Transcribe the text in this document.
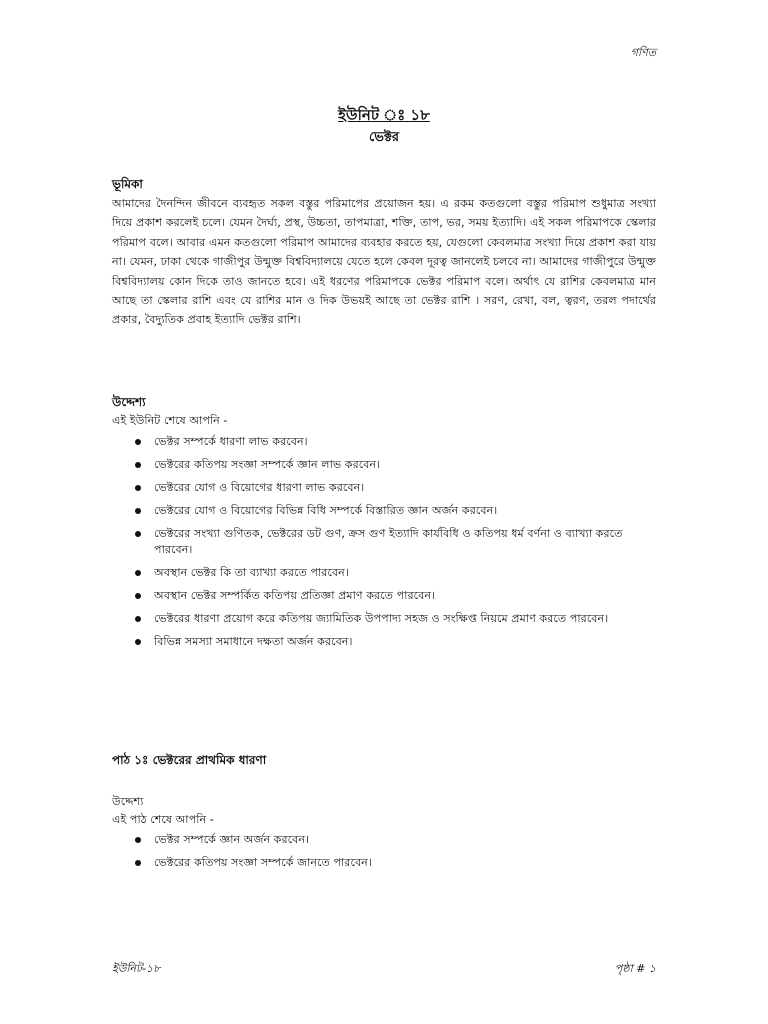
গণিত
ইউনিট ঃ ১৮
ভেক্টর
ভূমিকা
আমাদের দৈনন্দিন জীবনে ব্যবহৃত সকল বস্তুর পরিমাপের প্রয়োজন হয়। এ রকম কতগুলো বস্তুর পরিমাপ শুধুমাত্র সংখ্যা দিয়ে প্রকাশ করলেই চলে। যেমন দৈর্ঘ্য, প্রস্থ, উচ্চতা, তাপমাত্রা, শক্তি, তাপ, ভর, সময় ইত্যাদি। এই সকল পরিমাপকে স্কেলার পরিমাপ বলে। আবার এমন কতগুলো পরিমাপ আমাদের ব্যবহার করতে হয়, যেগুলো কেবলমাত্র সংখ্যা দিয়ে প্রকাশ করা যায় না। যেমন, ঢাকা থেকে গাজীপুর উন্মুক্ত বিশ্ববিদ্যালয়ে যেতে হলে কেবল দূরত্ব জানলেই চলবে না। আমাদের গাজীপুরে উন্মুক্ত বিশ্ববিদ্যালয় কোন দিকে তাও জানতে হবে। এই ধরণের পরিমাপকে ভেক্টর পরিমাপ বলে। অর্থাৎ যে রাশির কেবলমাত্র মান আছে তা স্কেলার রাশি এবং যে রাশির মান ও দিক উভয়ই আছে তা ভেক্টর রাশি । সরণ, রেখা, বল, ত্বরণ, তরল পদার্থের প্রকার, বৈদ্যুতিক প্রবাহ ইত্যাদি ভেক্টর রাশি।
উদ্দেশ্য
এই ইউনিট শেষে আপনি -
ভেক্টর সম্পর্কে ধারণা লাভ করবেন।
ভেক্টরের কতিপয় সংজ্ঞা সম্পর্কে জ্ঞান লাভ করবেন।
ভেক্টরের যোগ ও বিয়োগের ধারণা লাভ করবেন।
ভেক্টরের যোগ ও বিয়োগের বিভিন্ন বিধি সম্পর্কে বিস্তারিত জ্ঞান অর্জন করবেন।
ভেক্টরের সংখ্যা গুণিতক, ভেক্টরের ডট গুণ, ক্রস গুণ ইত্যাদি কার্যবিধি ও কতিপয় ধর্ম বর্ণনা ও ব্যাখ্যা করতে পারবেন।
অবস্থান ভেক্টর কি তা ব্যাখ্যা করতে পারবেন।
অবস্থান ভেক্টর সম্পর্কিত কতিপয় প্রতিজ্ঞা প্রমাণ করতে পারবেন।
ভেক্টরের ধারণা প্রয়োগ করে কতিপয় জ্যামিতিক উপপাদ্য সহজ ও সংক্ষিপ্ত নিয়মে প্রমাণ করতে পারবেন।
বিভিন্ন সমস্যা সমাধানে দক্ষতা অর্জন করবেন।
পাঠ ১ঃ ভেক্টরের প্রাথমিক ধারণা
উদ্দেশ্য
এই পাঠ শেষে আপনি -
ভেক্টর সম্পর্কে জ্ঞান অর্জন করবেন।
ভেক্টরের কতিপয় সংজ্ঞা সম্পর্কে জানতে পারবেন।
ইউনিট-১৮	পৃষ্ঠা # ১
